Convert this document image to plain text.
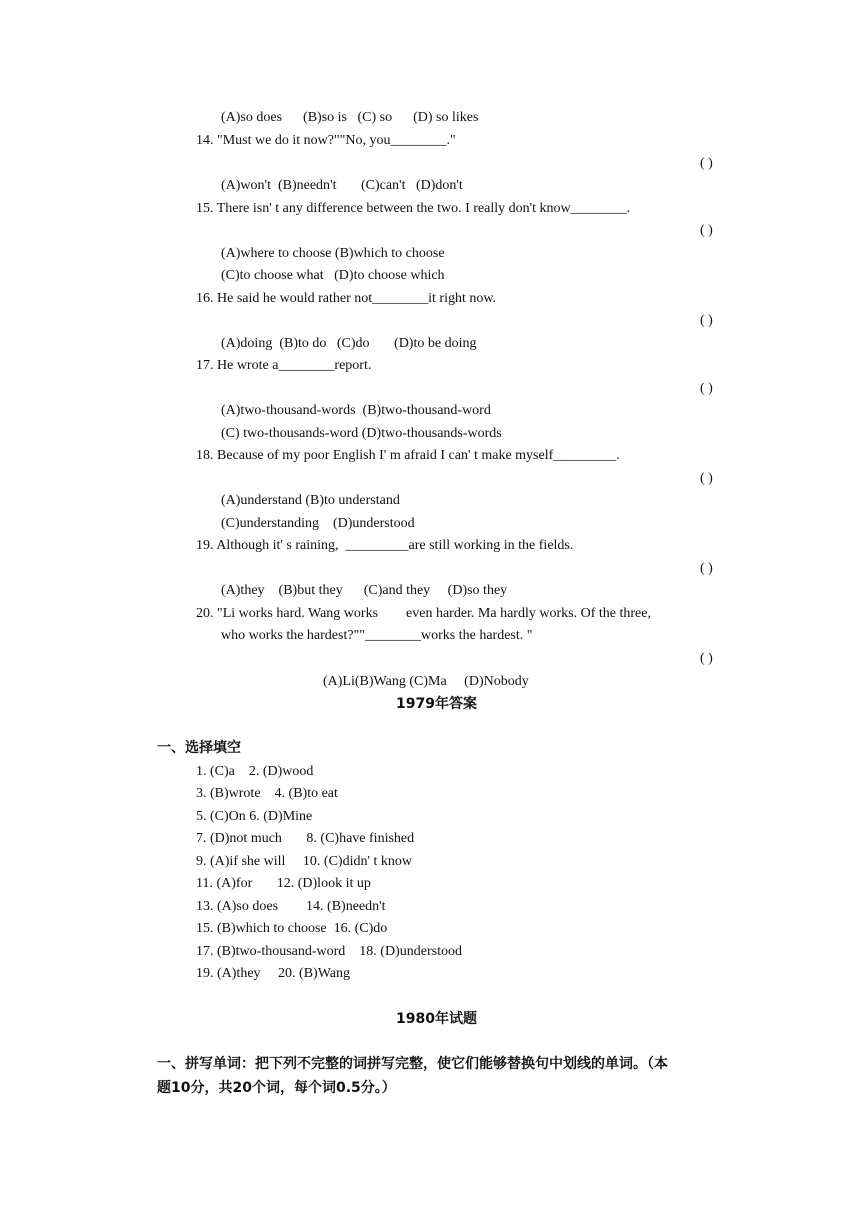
(A)so does      (B)so is   (C) so      (D) so likes
14. "Must we do it now?""No, you________."
( )
(A)won't  (B)needn't       (C)can't   (D)don't
15. There isn' t any difference between the two. I really don't know________.
( )
(A)where to choose (B)which to choose
(C)to choose what   (D)to choose which
16. He said he would rather not________it right now.
( )
(A)doing  (B)to do   (C)do       (D)to be doing
17. He wrote a________report.
( )
(A)two-thousand-words  (B)two-thousand-word
(C) two-thousands-word (D)two-thousands-words
18. Because of my poor English I' m afraid I can' t make myself_________.
( )
(A)understand (B)to understand
(C)understanding    (D)understood
19. Although it' s raining,  _________are still working in the fields.
( )
(A)they    (B)but they      (C)and they     (D)so they
20. "Li works hard. Wang works        even harder. Ma hardly works. Of the three,
who works the hardest?""________works the hardest. "
( )
(A)Li(B)Wang (C)Ma     (D)Nobody
1979年答案
一、选择填空
1. (C)a    2. (D)wood
3. (B)wrote    4. (B)to eat
5. (C)On 6. (D)Mine
7. (D)not much       8. (C)have finished
9. (A)if she will     10. (C)didn' t know
11. (A)for       12. (D)look it up
13. (A)so does        14. (B)needn't
15. (B)which to choose  16. (C)do
17. (B)two-thousand-word    18. (D)understood
19. (A)they     20. (B)Wang
1980年试题
一、拼写单词：把下列不完整的词拼写完整，使它们能够替换句中划线的单词。（本
题10分，共20个词，每个词0.5分。）
